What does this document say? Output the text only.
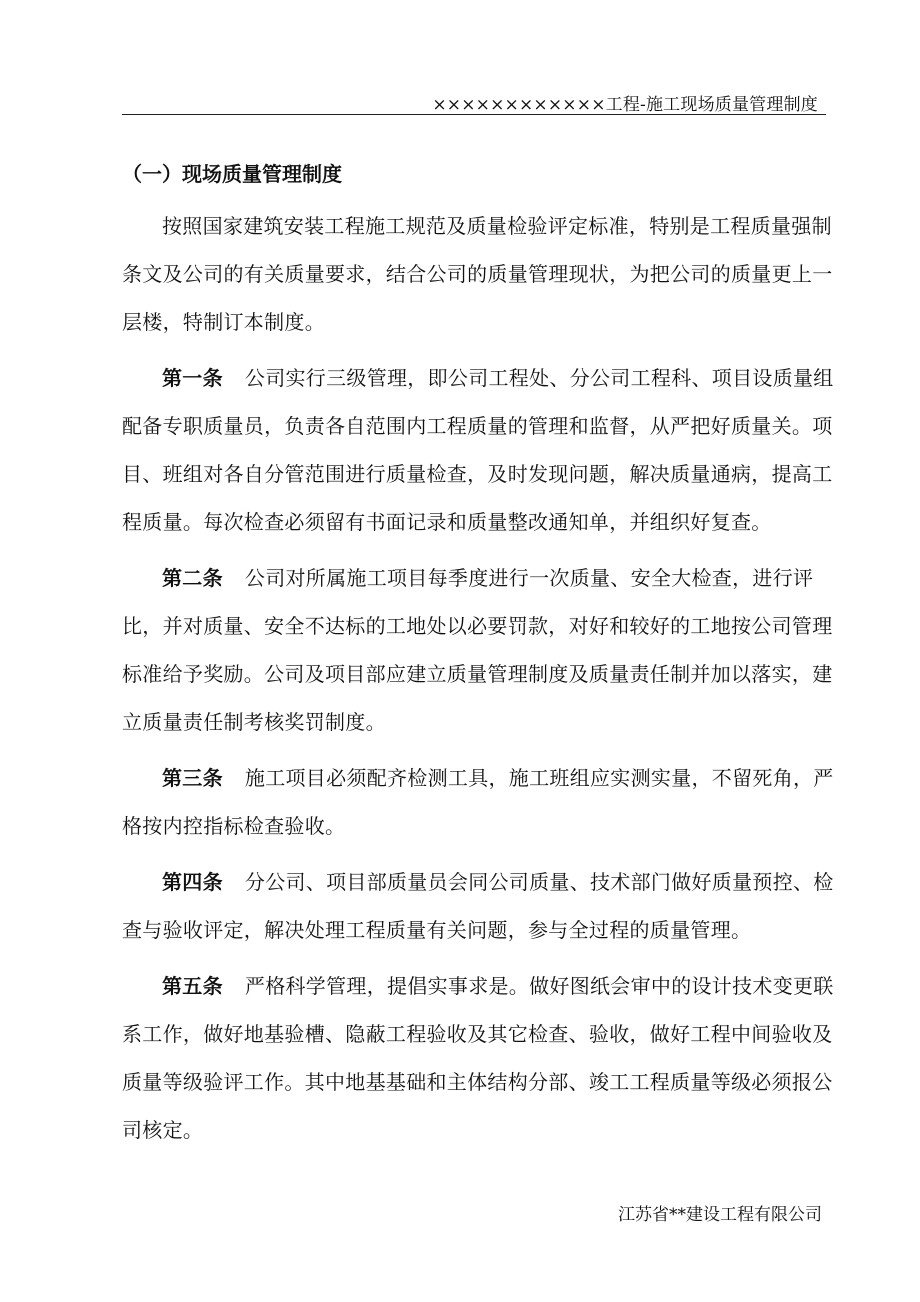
××××××××××××工程-施工现场质量管理制度
（一）现场质量管理制度

按照国家建筑安装工程施工规范及质量检验评定标准，特别是工程质量强制条文及公司的有关质量要求，结合公司的质量管理现状，为把公司的质量更上一层楼，特制订本制度。

第一条 公司实行三级管理，即公司工程处、分公司工程科、项目设质量组配备专职质量员，负责各自范围内工程质量的管理和监督，从严把好质量关。项目、班组对各自分管范围进行质量检查，及时发现问题，解决质量通病，提高工程质量。每次检查必须留有书面记录和质量整改通知单，并组织好复查。

第二条 公司对所属施工项目每季度进行一次质量、安全大检查，进行评比，并对质量、安全不达标的工地处以必要罚款，对好和较好的工地按公司管理标准给予奖励。公司及项目部应建立质量管理制度及质量责任制并加以落实，建立质量责任制考核奖罚制度。

第三条 施工项目必须配齐检测工具，施工班组应实测实量，不留死角，严格按内控指标检查验收。

第四条 分公司、项目部质量员会同公司质量、技术部门做好质量预控、检查与验收评定，解决处理工程质量有关问题，参与全过程的质量管理。

第五条 严格科学管理，提倡实事求是。做好图纸会审中的设计技术变更联系工作，做好地基验槽、隐蔽工程验收及其它检查、验收，做好工程中间验收及质量等级验评工作。其中地基基础和主体结构分部、竣工工程质量等级必须报公司核定。

江苏省**建设工程有限公司
